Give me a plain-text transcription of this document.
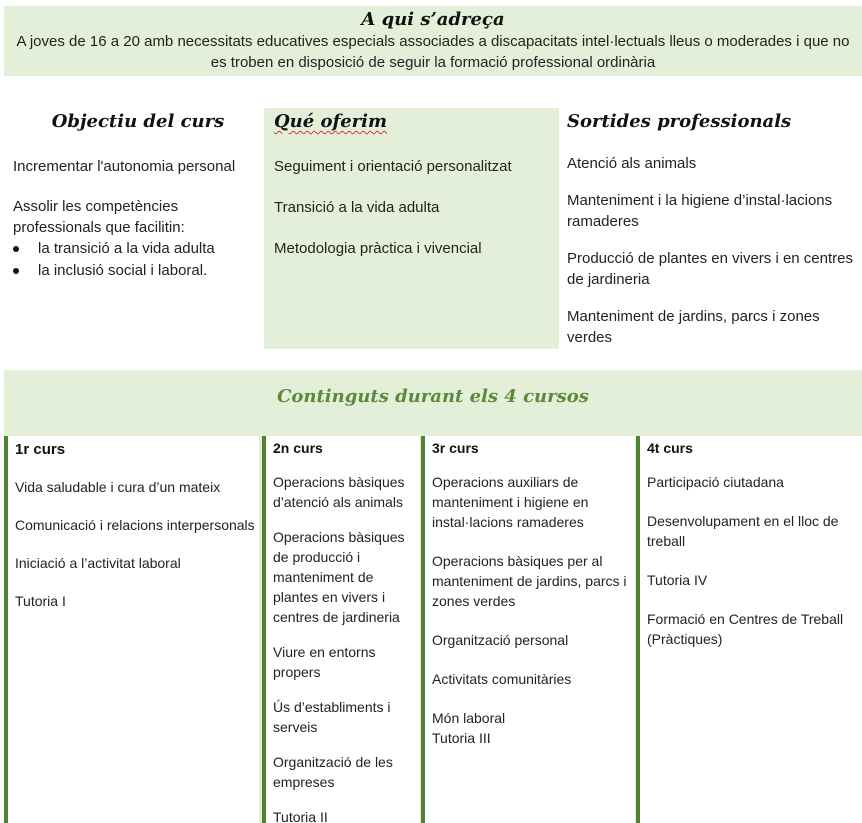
A qui s’adreça

A joves de 16 a 20 amb necessitats educatives especials associades a discapacitats intel·lectuals lleus o moderades i que no es troben en disposició de seguir la formació professional ordinària

Objectiu del curs
Incrementar l'autonomia personal
Assolir les competències professionals que facilitin:
la transició a la vida adulta
la inclusió social i laboral.
Qué oferim
Seguiment i orientació personalitzat
Transició a la vida adulta
Metodologia pràctica i vivencial
Sortides professionals
Atenció als animals
Manteniment i la higiene d’instal·lacions ramaderes
Producció de plantes en vivers i en centres de jardineria
Manteniment de jardins, parcs i zones verdes
Continguts durant els 4 cursos
1r curs
Vida saludable i cura d’un mateix
Comunicació i relacions interpersonals
Iniciació a l’activitat laboral
Tutoria I
2n curs
Operacions bàsiques d’atenció als animals
Operacions bàsiques de producció i manteniment de plantes en vivers i centres de jardineria
Viure en entorns propers
Ús d’establiments i serveis
Organització de les empreses
Tutoria II
3r curs
Operacions auxiliars de manteniment i higiene en instal·lacions ramaderes
Operacions bàsiques per al manteniment de jardins, parcs i zones verdes
Organització personal
Activitats comunitàries
Món laboral
Tutoria III
4t curs
Participació ciutadana
Desenvolupament en el lloc de treball
Tutoria IV
Formació en Centres de Treball (Pràctiques)
